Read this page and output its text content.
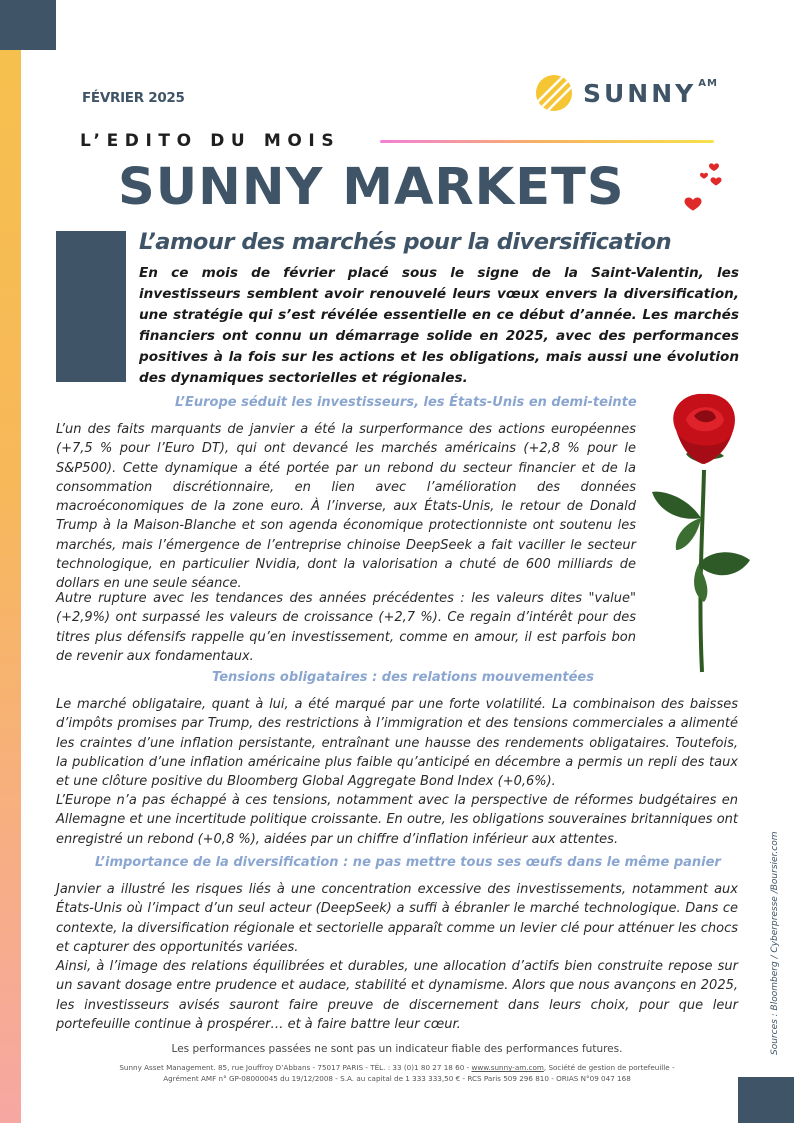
FÉVRIER 2025	SUNNY AM
L’EDITO DU MOIS
SUNNY MARKETS
L’amour des marchés pour la diversification

En ce mois de février placé sous le signe de la Saint-Valentin, les investisseurs semblent avoir renouvelé leurs vœux envers la diversification, une stratégie qui s’est révélée essentielle en ce début d’année. Les marchés financiers ont connu un démarrage solide en 2025, avec des performances positives à la fois sur les actions et les obligations, mais aussi une évolution des dynamiques sectorielles et régionales.

L’Europe séduit les investisseurs, les États-Unis en demi-teinte

L’un des faits marquants de janvier a été la surperformance des actions européennes (+7,5 % pour l’Euro DT), qui ont devancé les marchés américains (+2,8 % pour le S&P500). Cette dynamique a été portée par un rebond du secteur financier et de la consommation discrétionnaire, en lien avec l’amélioration des données macroéconomiques de la zone euro. À l’inverse, aux États-Unis, le retour de Donald Trump à la Maison-Blanche et son agenda économique protectionniste ont soutenu les marchés, mais l’émergence de l’entreprise chinoise DeepSeek a fait vaciller le secteur technologique, en particulier Nvidia, dont la valorisation a chuté de 600 milliards de dollars en une seule séance.

Autre rupture avec les tendances des années précédentes : les valeurs dites "value" (+2,9%) ont surpassé les valeurs de croissance (+2,7 %). Ce regain d’intérêt pour des titres plus défensifs rappelle qu’en investissement, comme en amour, il est parfois bon de revenir aux fondamentaux.

Tensions obligataires : des relations mouvementées

Le marché obligataire, quant à lui, a été marqué par une forte volatilité. La combinaison des baisses d’impôts promises par Trump, des restrictions à l’immigration et des tensions commerciales a alimenté les craintes d’une inflation persistante, entraînant une hausse des rendements obligataires. Toutefois, la publication d’une inflation américaine plus faible qu’anticipé en décembre a permis un repli des taux et une clôture positive du Bloomberg Global Aggregate Bond Index (+0,6%).

L’Europe n’a pas échappé à ces tensions, notamment avec la perspective de réformes budgétaires en Allemagne et une incertitude politique croissante. En outre, les obligations souveraines britanniques ont enregistré un rebond (+0,8 %), aidées par un chiffre d’inflation inférieur aux attentes.

L’importance de la diversification : ne pas mettre tous ses œufs dans le même panier

Janvier a illustré les risques liés à une concentration excessive des investissements, notamment aux États-Unis où l’impact d’un seul acteur (DeepSeek) a suffi à ébranler le marché technologique. Dans ce contexte, la diversification régionale et sectorielle apparaît comme un levier clé pour atténuer les chocs et capturer des opportunités variées.

Ainsi, à l’image des relations équilibrées et durables, une allocation d’actifs bien construite repose sur un savant dosage entre prudence et audace, stabilité et dynamisme. Alors que nous avançons en 2025, les investisseurs avisés sauront faire preuve de discernement dans leurs choix, pour que leur portefeuille continue à prospérer… et à faire battre leur cœur.

Les performances passées ne sont pas un indicateur fiable des performances futures.
Sunny Asset Management. 85, rue Jouffroy D’Abbans - 75017 PARIS - TÉL. : 33 (0)1 80 27 18 60 - www.sunny-am.com, Société de gestion de portefeuille -
Agrément AMF n° GP-08000045 du 19/12/2008 - S.A. au capital de 1 333 333,50 € - RCS Paris 509 296 810 - ORIAS N°09 047 168
Sources : Bloomberg / Cyberpresse /Boursier.com
